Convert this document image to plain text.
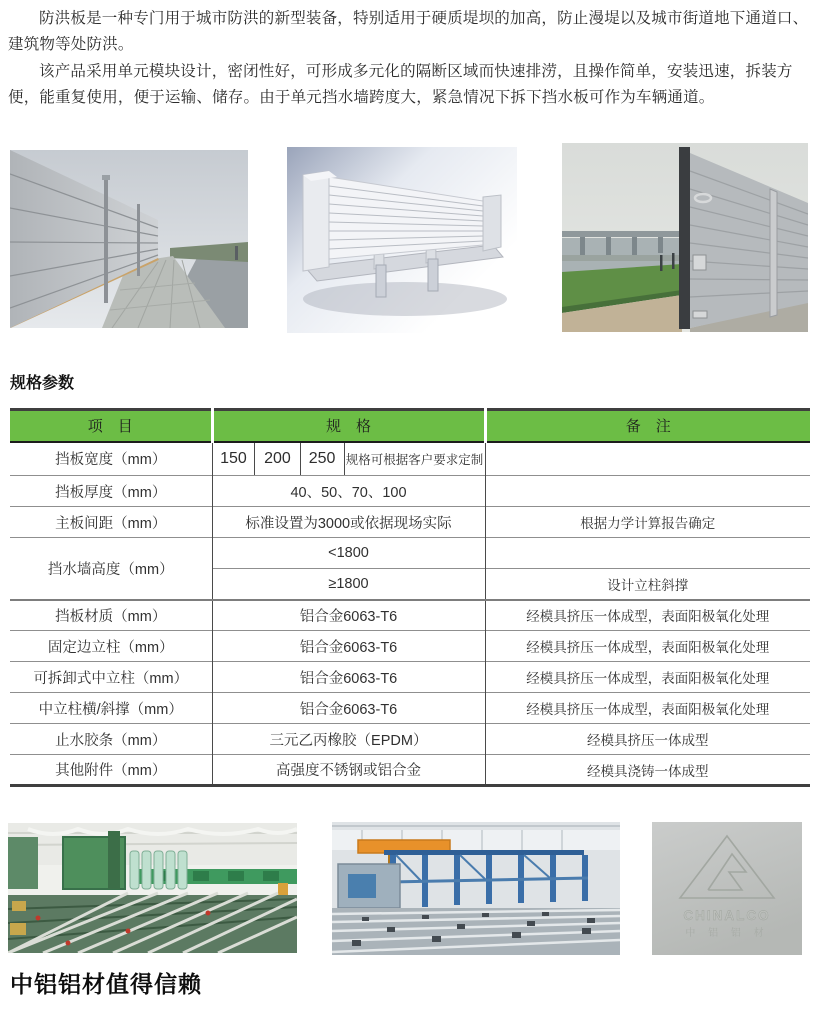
防洪板是一种专门用于城市防洪的新型装备，特别适用于硬质堤坝的加高，防止漫堤以及城市街道地下通道口、建筑物等处防洪。

该产品采用单元模块设计，密闭性好，可形成多元化的隔断区域而快速排涝，且操作简单，安装迅速，拆装方便，能重复使用，便于运输、储存。由于单元挡水墙跨度大，紧急情况下拆下挡水板可作为车辆通道。

规格参数
项　目	规　格	备　注
挡板宽度（mm）	150 200 250 规格可根据客户要求定制	

挡板厚度（mm）	40、50、70、100	
主板间距（mm）	标准设置为3000或依据现场实际	根据力学计算报告确定
挡水墙高度（mm）	<1800	
	≥1800	设计立柱斜撑
挡板材质（mm）	铝合金6063-T6	经模具挤压一体成型，表面阳极氧化处理
固定边立柱（mm）	铝合金6063-T6	经模具挤压一体成型，表面阳极氧化处理
可拆卸式中立柱（mm）	铝合金6063-T6	经模具挤压一体成型，表面阳极氧化处理
中立柱横/斜撑（mm）	铝合金6063-T6	经模具挤压一体成型，表面阳极氧化处理
止水胶条（mm）	三元乙丙橡胶（EPDM）	经模具挤压一体成型
其他附件（mm）	高强度不锈钢或铝合金	经模具浇铸一体成型
CHINALCO
中 铝 铝 材
中铝铝材值得信赖
